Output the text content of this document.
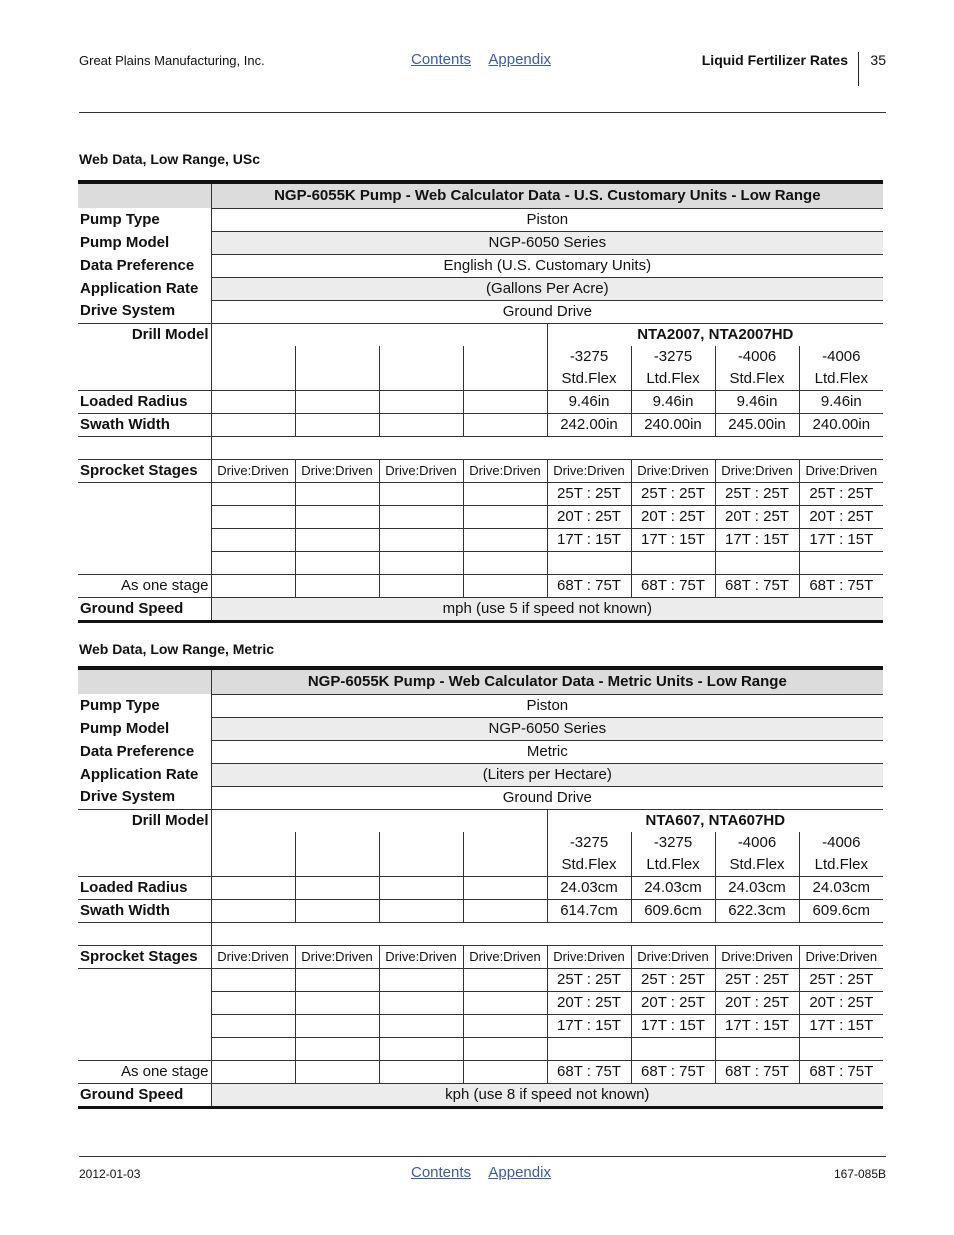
Great Plains Manufacturing, Inc.	Contents Appendix	Liquid Fertilizer Rates 35
Web Data, Low Range, USc
	NGP-6055K Pump - Web Calculator Data - U.S. Customary Units - Low Range							
Pump Type	Piston							
Pump Model	NGP-6050 Series							
Data Preference	English (U.S. Customary Units)							
Application Rate	(Gallons Per Acre)							
Drive System	Ground Drive							
Drill Model					NTA2007, NTA2007HD			
					-3275	-3275	-4006	-4006
					Std.Flex	Ltd.Flex	Std.Flex	Ltd.Flex
Loaded Radius					9.46in	9.46in	9.46in	9.46in
Swath Width					242.00in	240.00in	245.00in	240.00in

Sprocket Stages	Drive:Driven	Drive:Driven	Drive:Driven	Drive:Driven	Drive:Driven	Drive:Driven	Drive:Driven	Drive:Driven
					25T : 25T	25T : 25T	25T : 25T	25T : 25T
					20T : 25T	20T : 25T	20T : 25T	20T : 25T
					17T : 15T	17T : 15T	17T : 15T	17T : 15T

As one stage					68T : 75T	68T : 75T	68T : 75T	68T : 75T
Ground Speed	mph (use 5 if speed not known)							
Web Data, Low Range, Metric
	NGP-6055K Pump - Web Calculator Data - Metric Units - Low Range							
Pump Type	Piston							
Pump Model	NGP-6050 Series							
Data Preference	Metric							
Application Rate	(Liters per Hectare)							
Drive System	Ground Drive							
Drill Model					NTA607, NTA607HD			
					-3275	-3275	-4006	-4006
					Std.Flex	Ltd.Flex	Std.Flex	Ltd.Flex
Loaded Radius					24.03cm	24.03cm	24.03cm	24.03cm
Swath Width					614.7cm	609.6cm	622.3cm	609.6cm

Sprocket Stages	Drive:Driven	Drive:Driven	Drive:Driven	Drive:Driven	Drive:Driven	Drive:Driven	Drive:Driven	Drive:Driven
					25T : 25T	25T : 25T	25T : 25T	25T : 25T
					20T : 25T	20T : 25T	20T : 25T	20T : 25T
					17T : 15T	17T : 15T	17T : 15T	17T : 15T

As one stage					68T : 75T	68T : 75T	68T : 75T	68T : 75T
Ground Speed	kph (use 8 if speed not known)							
2012-01-03	Contents Appendix	167-085B
